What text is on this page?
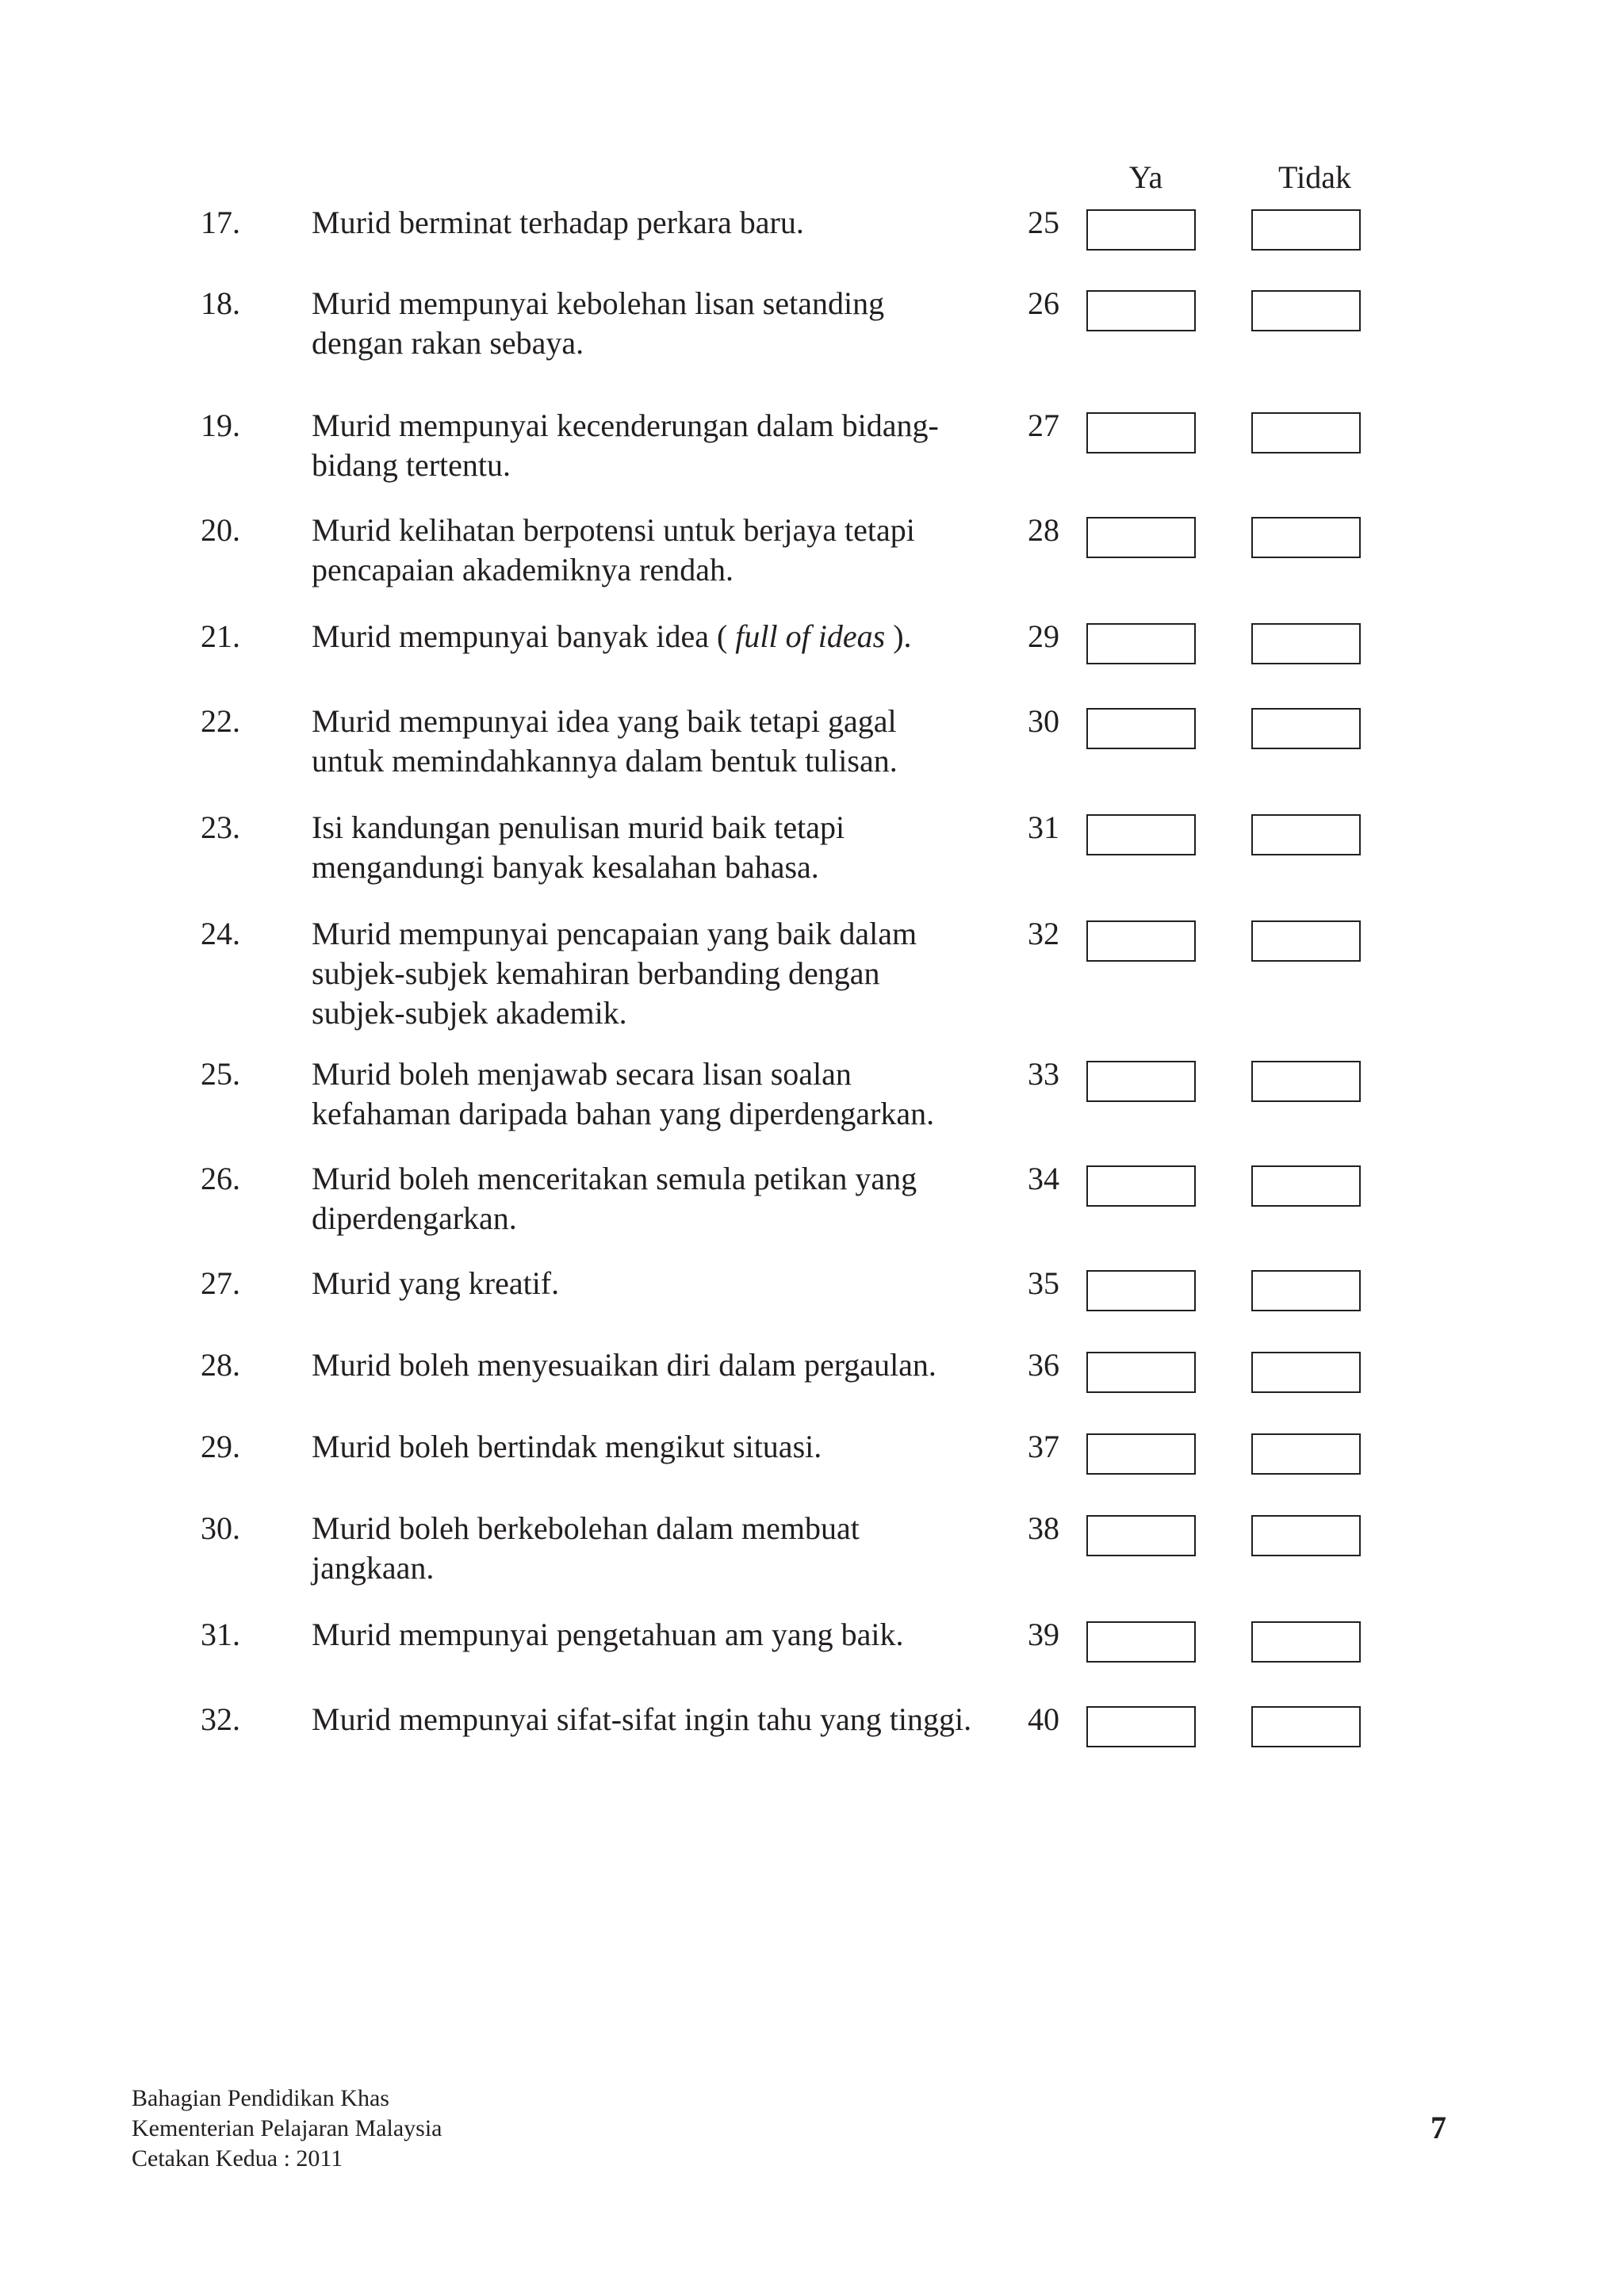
Ya	Tidak
17. Murid berminat terhadap perkara baru.	25
18. Murid mempunyai kebolehan lisan setanding
dengan rakan sebaya.
26
19. Murid mempunyai kecenderungan dalam bidang-
bidang tertentu.
27
20. Murid kelihatan berpotensi untuk berjaya tetapi
pencapaian akademiknya rendah.
28
21. Murid mempunyai banyak idea ( full of ideas ).	29
22. Murid mempunyai idea yang baik tetapi gagal
untuk memindahkannya dalam bentuk tulisan.
30
23. Isi kandungan penulisan murid baik tetapi
mengandungi banyak kesalahan bahasa.
31
24. Murid mempunyai pencapaian yang baik dalam
subjek-subjek kemahiran berbanding dengan
subjek-subjek akademik.
32
25. Murid boleh menjawab secara lisan soalan
kefahaman daripada bahan yang diperdengarkan.
33
26. Murid boleh menceritakan semula petikan yang
diperdengarkan.
34
27. Murid yang kreatif.	35
28. Murid boleh menyesuaikan diri dalam pergaulan.	36
29. Murid boleh bertindak mengikut situasi.	37
30. Murid boleh berkebolehan dalam membuat
jangkaan.
38
31. Murid mempunyai pengetahuan am yang baik.	39
32. Murid mempunyai sifat-sifat ingin tahu yang tinggi.	40
Bahagian Pendidikan Khas
Kementerian Pelajaran Malaysia
Cetakan Kedua : 2011
7
